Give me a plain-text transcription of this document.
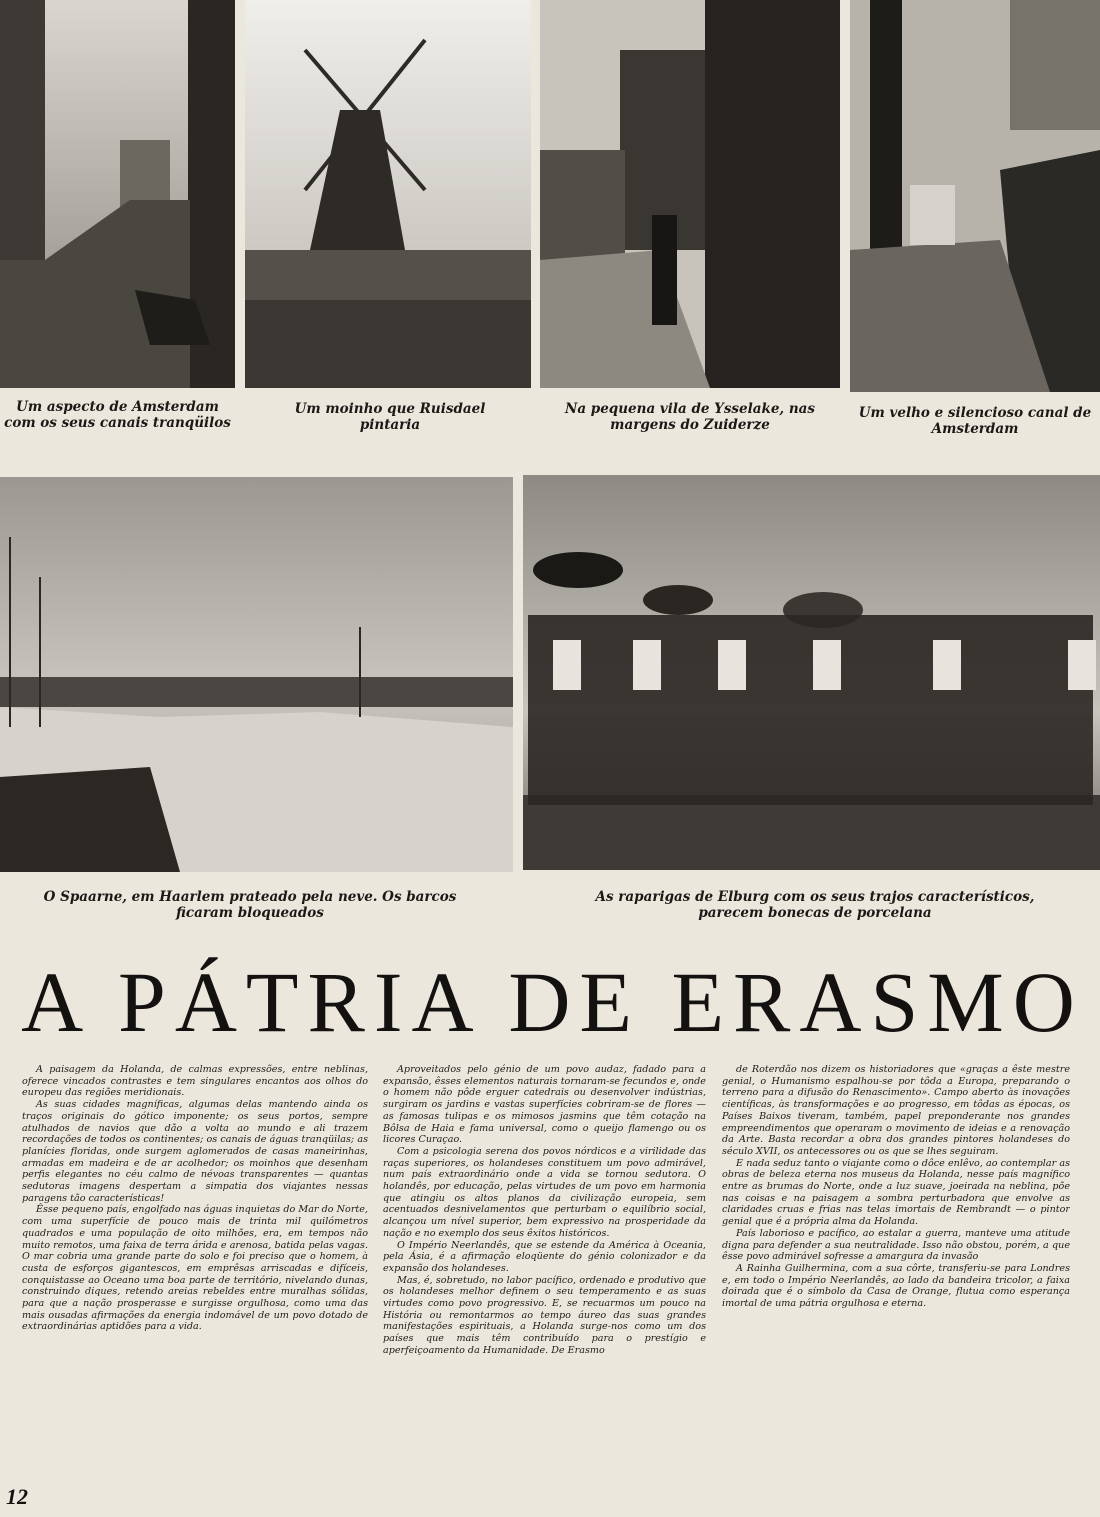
Um aspecto de Amsterdam com os seus canais tranqüilos
Um moinho que Ruisdael pintaria
Na pequena vila de Ysselake, nas margens do Zuiderze
Um velho e silencioso canal de Amsterdam
O Spaarne, em Haarlem prateado pela neve. Os barcos ficaram bloqueados
As raparigas de Elburg com os seus trajos característicos, parecem bonecas de porcelana
A PÁTRIA DE ERASMO

A paisagem da Holanda, de calmas expressões, entre neblinas, oferece vincados contrastes e tem singulares encantos aos olhos do europeu das regiões meridionais.

As suas cidades magníficas, algumas delas mantendo ainda os traços originais do gótico imponente; os seus portos, sempre atulhados de navios que dão a volta ao mundo e ali trazem recordações de todos os continentes; os canais de águas tranqüilas; as planícies floridas, onde surgem aglomerados de casas maneirinhas, armadas em madeira e de ar acolhedor; os moinhos que desenham perfis elegantes no céu calmo de névoas transparentes — quantas sedutoras imagens despertam a simpatia dos viajantes nessas paragens tão características!

Êsse pequeno país, engolfado nas águas inquietas do Mar do Norte, com uma superfície de pouco mais de trinta mil quilómetros quadrados e uma população de oito milhões, era, em tempos não muito remotos, uma faixa de terra árida e arenosa, batida pelas vagas. O mar cobria uma grande parte do solo e foi preciso que o homem, à custa de esforços gigantescos, em emprêsas arriscadas e difíceis, conquistasse ao Oceano uma boa parte de território, nivelando dunas, construindo diques, retendo areias rebeldes entre muralhas sólidas, para que a nação prosperasse e surgisse orgulhosa, como uma das mais ousadas afirmações da energia indomável de um povo dotado de extraordinárias aptidões para a vida.

Aproveitados pelo génio de um povo audaz, fadado para a expansão, êsses elementos naturais tornaram-se fecundos e, onde o homem não pôde erguer catedrais ou desenvolver indústrias, surgiram os jardins e vastas superfícies cobriram-se de flores — as famosas tulipas e os mimosos jasmins que têm cotação na Bôlsa de Haia e fama universal, como o queijo flamengo ou os licores Curaçao.

Com a psicologia serena dos povos nórdicos e a virilidade das raças superiores, os holandeses constituem um povo admirável, num país extraordinário onde a vida se tornou sedutora. O holandês, por educação, pelas virtudes de um povo em harmonia que atingiu os altos planos da civilização europeia, sem acentuados desnivelamentos que perturbam o equilíbrio social, alcançou um nível superior, bem expressivo na prosperidade da nação e no exemplo dos seus êxitos históricos.

O Império Neerlandês, que se estende da América à Oceania, pela Ásia, é a afirmação eloqüente do génio colonizador e da expansão dos holandeses.

Mas, é, sobretudo, no labor pacífico, ordenado e produtivo que os holandeses melhor definem o seu temperamento e as suas virtudes como povo progressivo. E, se recuarmos um pouco na História ou remontarmos ao tempo áureo das suas grandes manifestações espirituais, a Holanda surge-nos como um dos países que mais têm contribuído para o prestígio e aperfeiçoamento da Humanidade. De Erasmo

de Roterdão nos dizem os historiadores que «graças a êste mestre genial, o Humanismo espalhou-se por tôda a Europa, preparando o terreno para a difusão do Renascimento». Campo aberto às inovações científicas, às transformações e ao progresso, em tôdas as épocas, os Países Baixos tiveram, também, papel preponderante nos grandes empreendimentos que operaram o movimento de ideias e a renovação da Arte. Basta recordar a obra dos grandes pintores holandeses do século XVII, os antecessores ou os que se lhes seguiram.

E nada seduz tanto o viajante como o dôce enlêvo, ao contemplar as obras de beleza eterna nos museus da Holanda, nesse país magnífico entre as brumas do Norte, onde a luz suave, joeirada na neblina, põe nas coisas e na paisagem a sombra perturbadora que envolve as claridades cruas e frias nas telas imortais de Rembrandt — o pintor genial que é a própria alma da Holanda.

País laborioso e pacífico, ao estalar a guerra, manteve uma atitude digna para defender a sua neutralidade. Isso não obstou, porém, a que êsse povo admirável sofresse a amargura da invasão

A Rainha Guilhermina, com a sua côrte, transferiu-se para Londres e, em todo o Império Neerlandês, ao lado da bandeira tricolor, a faixa doirada que é o símbolo da Casa de Orange, flutua como esperança imortal de uma pátria orgulhosa e eterna.

12
